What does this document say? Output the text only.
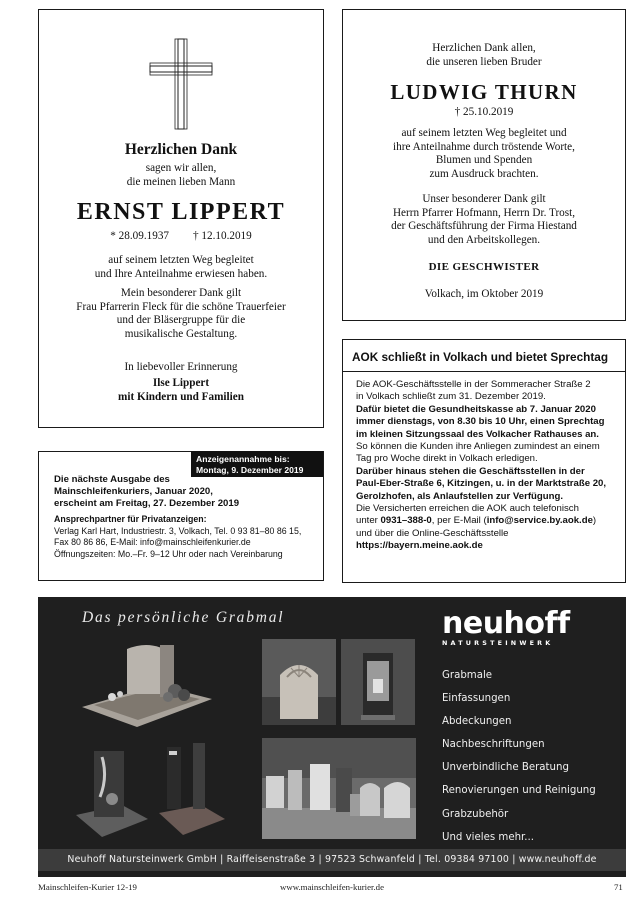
Herzlichen Dank
sagen wir allen,
die meinen lieben Mann
ERNST LIPPERT
* 28.09.1937 † 12.10.2019
auf seinem letzten Weg begleitet
und Ihre Anteilnahme erwiesen haben.
Mein besonderer Dank gilt
Frau Pfarrerin Fleck für die schöne Trauerfeier
und der Bläsergruppe für die
musikalische Gestaltung.
In liebevoller Erinnerung
Ilse Lippert
mit Kindern und Familien
Herzlichen Dank allen,
die unseren lieben Bruder
LUDWIG THURN
† 25.10.2019
auf seinem letzten Weg begleitet und
ihre Anteilnahme durch tröstende Worte,
Blumen und Spenden
zum Ausdruck brachten.
Unser besonderer Dank gilt
Herrn Pfarrer Hofmann, Herrn Dr. Trost,
der Geschäftsführung der Firma Hiestand
und den Arbeitskollegen.
DIE GESCHWISTER
Volkach, im Oktober 2019
AOK schließt in Volkach und bietet Sprechtag
Die AOK-Geschäftsstelle in der Sommeracher Straße 2
in Volkach schließt zum 31. Dezember 2019.
Dafür bietet die Gesundheitskasse ab 7. Januar 2020
immer dienstags, von 8.30 bis 10 Uhr, einen Sprechtag
im kleinen Sitzungssaal des Volkacher Rathauses an.
So können die Kunden ihre Anliegen zumindest an einem
Tag pro Woche direkt in Volkach erledigen.
Darüber hinaus stehen die Geschäftsstellen in der
Paul-Eber-Straße 6, Kitzingen, u. in der Marktstraße 20,
Gerolzhofen, als Anlaufstellen zur Verfügung.
Die Versicherten erreichen die AOK auch telefonisch
unter 0931–388-0, per E-Mail (info@service.by.aok.de)
und über die Online-Geschäftsstelle
https://bayern.meine.aok.de
Anzeigenannahme bis:
Montag, 9. Dezember 2019
Die nächste Ausgabe des
Mainschleifenkuriers, Januar 2020,
erscheint am Freitag, 27. Dezember 2019
Ansprechpartner für Privatanzeigen:
Verlag Karl Hart, Industriestr. 3, Volkach, Tel. 0 93 81–80 86 15,
Fax 80 86 86, E-Mail: info@mainschleifenkurier.de
Öffnungszeiten: Mo.–Fr. 9–12 Uhr oder nach Vereinbarung
Das persönliche Grabmal	neuhoff
NATURSTEINWERK
Grabmale
Einfassungen
Abdeckungen
Nachbeschriftungen
Unverbindliche Beratung
Renovierungen und Reinigung
Grabzubehör
Und vieles mehr...
Neuhoff Natursteinwerk GmbH | Raiffeisenstraße 3 | 97523 Schwanfeld | Tel. 09384 97100 | www.neuhoff.de
Mainschleifen-Kurier 12-19	www.mainschleifen-kurier.de	71
